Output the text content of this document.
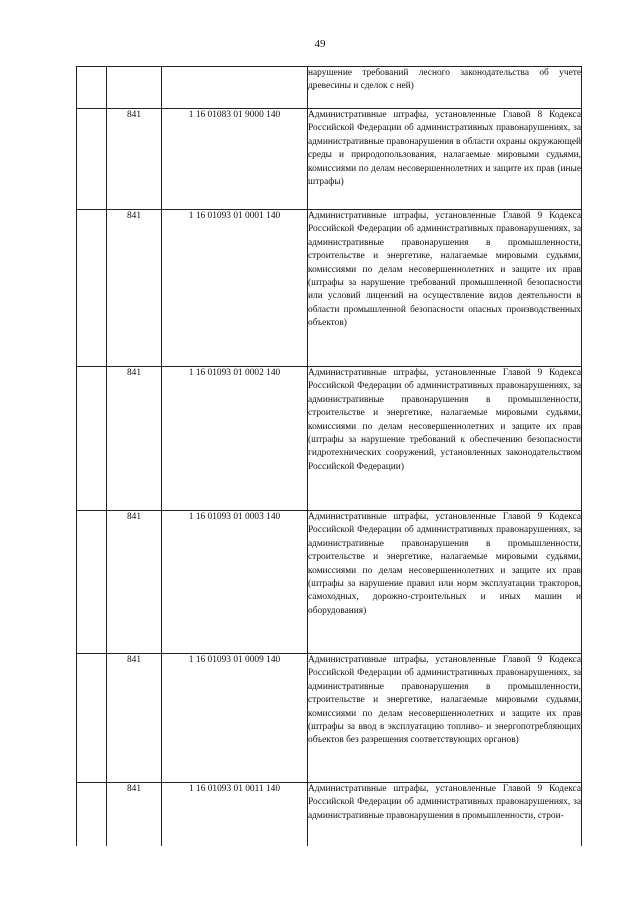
49
			нарушение требований лесного законодательства об учете древесины и сделок с ней)
	841	1 16 01083 01 9000 140	Административные штрафы, установленные Главой 8 Кодекса Российской Федерации об административных правонарушениях, за административные правонарушения в области охраны окружающей среды и природопользования, налагаемые мировыми судьями, комиссиями по делам несовершеннолетних и защите их прав (иные штрафы)
	841	1 16 01093 01 0001 140	Административные штрафы, установленные Главой 9 Кодекса Российской Федерации об административных правонарушениях, за административные правонарушения в промышленности, строительстве и энергетике, налагаемые мировыми судьями, комиссиями по делам несовершеннолетних и защите их прав (штрафы за нарушение требований промышленной безопасности или условий лицензий на осуществление видов деятельности в области промышленной безопасности опасных производственных объектов)
	841	1 16 01093 01 0002 140	Административные штрафы, установленные Главой 9 Кодекса Российской Федерации об административных правонарушениях, за административные правонарушения в промышленности, строительстве и энергетике, налагаемые мировыми судьями, комиссиями по делам несовершеннолетних и защите их прав (штрафы за нарушение требований к обеспечению безопасности гидротехнических сооружений, установленных законодательством Российской Федерации)
	841	1 16 01093 01 0003 140	Административные штрафы, установленные Главой 9 Кодекса Российской Федерации об административных правонарушениях, за административные правонарушения в промышленности, строительстве и энергетике, налагаемые мировыми судьями, комиссиями по делам несовершеннолетних и защите их прав (штрафы за нарушение правил или норм эксплуатации тракторов, самоходных, дорожно-строительных и иных машин и оборудования)
	841	1 16 01093 01 0009 140	Административные штрафы, установленные Главой 9 Кодекса Российской Федерации об административных правонарушениях, за административные правонарушения в промышленности, строительстве и энергетике, налагаемые мировыми судьями, комиссиями по делам несовершеннолетних и защите их прав (штрафы за ввод в эксплуатацию топливо- и энергопотребляющих объектов без разрешения соответствующих органов)
	841	1 16 01093 01 0011 140	Административные штрафы, установленные Главой 9 Кодекса Российской Федерации об административных правонарушениях, за административные правонарушения в промышленности, строи-
